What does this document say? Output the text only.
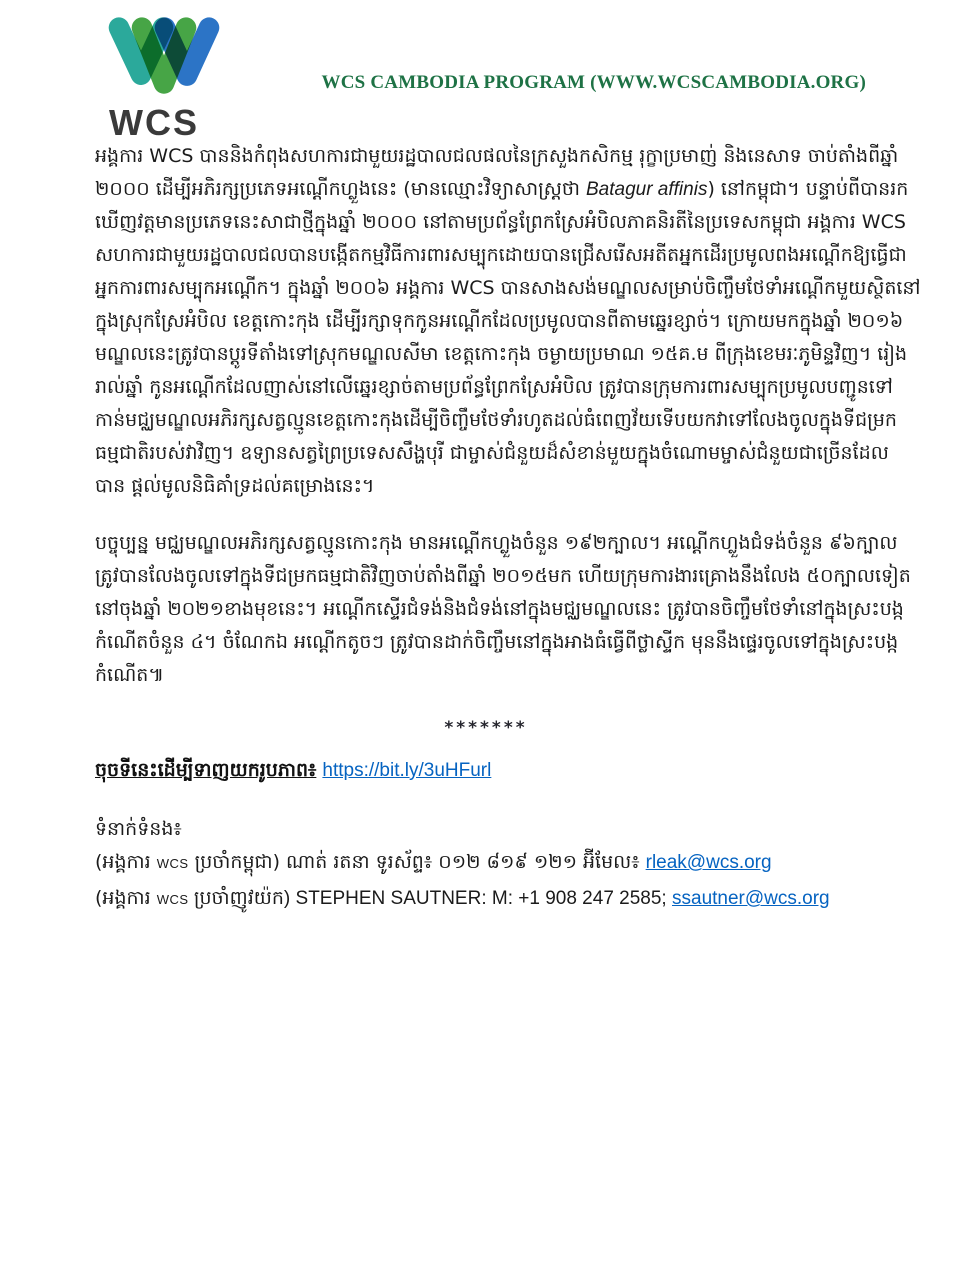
WCS
WCS CAMBODIA PROGRAM (WWW.WCSCAMBODIA.ORG)
អង្គការ WCS បាននិងកំពុងសហការជាមួយរដ្ឋបាលជលផលនៃក្រសួងកសិកម្ម រុក្ខាប្រមាញ់ និងនេសាទ ចាប់តាំងពីឆ្នាំ
២០០០ ដើម្បីអភិរក្សប្រភេទអណ្ដើកហ្លួងនេះ (មានឈ្មោះវិទ្យាសាស្ត្រថា Batagur affinis) នៅកម្ពុជា។ បន្ទាប់ពីបានរក
ឃើញវត្តមានប្រភេទនេះសាជាថ្មីក្នុងឆ្នាំ ២០០០ នៅតាមប្រព័ន្ធព្រែកស្រែអំបិលភាគនិរតីនៃប្រទេសកម្ពុជា អង្គការ WCS
សហការជាមួយរដ្ឋបាលជលបានបង្កើតកម្មវិធីការពារសម្បុកដោយបានជ្រើសរើសអតីតអ្នកដើរប្រមូលពងអណ្ដើកឱ្យធ្វើជា
អ្នកការពារសម្បុកអណ្ដើក។ ក្នុងឆ្នាំ ២០០៦ អង្គការ WCS បានសាងសង់មណ្ឌលសម្រាប់ចិញ្ចឹមថែទាំអណ្ដើកមួយស្ថិតនៅ
ក្នុងស្រុកស្រែអំបិល ខេត្តកោះកុង ដើម្បីរក្សាទុកកូនអណ្ដើកដែលប្រមូលបានពីតាមឆ្នេរខ្សាច់។ ក្រោយមកក្នុងឆ្នាំ ២០១៦
មណ្ឌលនេះត្រូវបានប្ដូរទីតាំងទៅស្រុកមណ្ឌលសីមា ខេត្តកោះកុង ចម្ងាយប្រមាណ ១៥គ.ម ពីក្រុងខេមរៈភូមិន្ទវិញ។ រៀង
រាល់ឆ្នាំ កូនអណ្ដើកដែលញាស់នៅលើឆ្នេរខ្សាច់តាមប្រព័ន្ធព្រែកស្រែអំបិល ត្រូវបានក្រុមការពារសម្បុកប្រមូលបញ្ជូនទៅ
កាន់មជ្ឈមណ្ឌលអភិរក្សសត្វល្មូនខេត្តកោះកុងដើម្បីចិញ្ចឹមថែទាំរហូតដល់ធំពេញវ័យទើបយកវាទៅលែងចូលក្នុងទីជម្រក
ធម្មជាតិរបស់វាវិញ។ ឧទ្យានសត្វព្រៃប្រទេសសឹង្ហបុរី ជាម្ចាស់ជំនួយដ៏សំខាន់មួយក្នុងចំណោមម្ចាស់ជំនួយជាច្រើនដែល
បាន ផ្ដល់មូលនិធិគាំទ្រដល់គម្រោងនេះ។
បច្ចុប្បន្ន មជ្ឈមណ្ឌលអភិរក្សសត្វល្មូនកោះកុង មានអណ្ដើកហ្លួងចំនួន ១៩២ក្បាល។ អណ្ដើកហ្លួងជំទង់ចំនួន ៩៦ក្បាល
ត្រូវបានលែងចូលទៅក្នុងទីជម្រកធម្មជាតិវិញចាប់តាំងពីឆ្នាំ ២០១៥មក ហើយក្រុមការងារគ្រោងនឹងលែង ៥០ក្បាលទៀត
នៅចុងឆ្នាំ ២០២១ខាងមុខនេះ។ អណ្ដើកស្ទើរជំទង់និងជំទង់នៅក្នុងមជ្ឈមណ្ឌលនេះ ត្រូវបានចិញ្ចឹមថែទាំនៅក្នុងស្រះបង្ក
កំណើតចំនួន ៤។ ចំណែកឯ អណ្ដើកតូចៗ ត្រូវបានដាក់ចិញ្ចឹមនៅក្នុងអាងធំធ្វើពីថ្លាស្ទីក មុននឹងផ្ទេរចូលទៅក្នុងស្រះបង្ក
កំណើត៕
*******
ចុចទីនេះដើម្បីទាញយករូបភាព៖ https://bit.ly/3uHFurl
ទំនាក់ទំនង៖
(អង្គការ WCS ប្រចាំកម្ពុជា) ណាត់ រតនា ទូរស័ព្ទ៖ ០១២ ៨១៩ ១២១ អ៊ីមែល៖ rleak@wcs.org
(អង្គការ WCS ប្រចាំញូវយ៉ក) STEPHEN SAUTNER: M: +1 908 247 2585; ssautner@wcs.org
